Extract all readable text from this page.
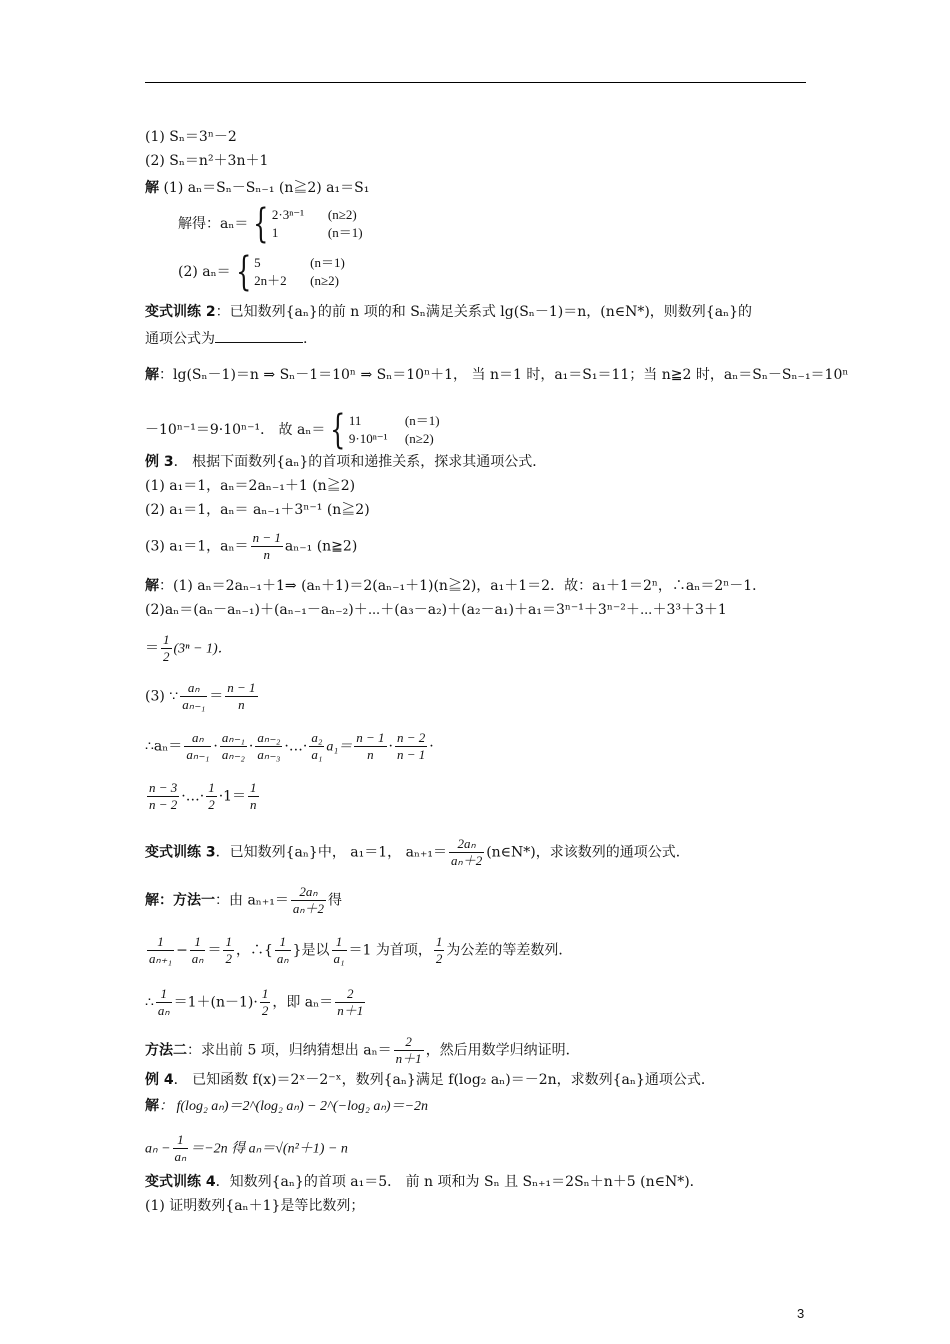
(1) Sₙ＝3ⁿ－2
(2) Sₙ＝n²＋3n＋1
解 (1) aₙ＝Sₙ－Sₙ₋₁ (n≧2) a₁＝S₁
解得：aₙ＝ { 2·3ⁿ⁻¹ (n≥2)
1	(n＝1)
(2) aₙ＝ { 5	(n＝1)
2n＋2 (n≥2)
变式训练 2：已知数列{aₙ}的前 n 项的和 Sₙ满足关系式 lg(Sₙ－1)＝n，(n∈N*)，则数列{aₙ}的
通项公式为	.
解：lg(Sₙ－1)＝n ⇒ Sₙ－1＝10ⁿ ⇒ Sₙ＝10ⁿ＋1， 当 n＝1 时，a₁＝S₁＝11；当 n≧2 时，aₙ＝Sₙ－Sₙ₋₁＝10ⁿ
－10ⁿ⁻¹＝9·10ⁿ⁻¹． 故 aₙ＝ { 11	(n＝1)
9·10ⁿ⁻¹ (n≥2)
例 3． 根据下面数列{aₙ}的首项和递推关系，探求其通项公式．
(1) a₁＝1，aₙ＝2aₙ₋₁＋1 (n≧2)
(2) a₁＝1，aₙ＝ aₙ₋₁＋3ⁿ⁻¹ (n≧2)
(3) a₁＝1，$a_n= \frac{n - 1}{n} a_{n-1}$ (n≧2)
解：(1) aₙ＝2aₙ₋₁＋1⇒ (aₙ＋1)＝2(aₙ₋₁＋1)(n≧2)，a₁＋1＝2．故：a₁＋1＝2ⁿ，∴aₙ＝2ⁿ－1．
(2)aₙ＝(aₙ－aₙ₋₁)＋(aₙ₋₁－aₙ₋₂)＋⋯＋(a₃－a₂)＋(a₂－a₁)＋a₁＝3ⁿ⁻¹＋3ⁿ⁻²＋⋯＋3³＋3＋1
＝ $\frac{1}{2} (3^n - 1)$．
(3) ∵ $\frac{\text{aₙ}}{\text{aₙ₋₁}} = \frac{n - 1}{n}$
∴aₙ＝ $\frac{\text{aₙ}}{\text{aₙ₋₁}} \cdot \frac{\text{aₙ₋₁}}{\text{aₙ₋₂}} \cdot \frac{\text{aₙ₋₂}}{\text{aₙ₋₃}}$ ·…· $\frac{\text{a₂}}{\text{a₁}} a_1= \frac{n - 1}{n} \cdot \frac{n - 2}{n - 1}$ ·
$\frac{n - 3}{n - 2}$ ·…· $\frac{1}{2} \cdot 1= \frac{1}{n}$
变式训练 3．已知数列{aₙ}中， a₁＝1， $a_{n+1}= \frac{\text{2aₙ}}{\text{aₙ＋2}}$ (n∈N*)，求该数列的通项公式．
解：方法一：由 $a_{n+1}= \frac{\text{2aₙ}}{\text{aₙ＋2}}$ 得
$\frac{1}{\text{aₙ₊₁}} - \frac{1}{\text{aₙ}} = \frac{1}{2}$ ，∴{ $\frac{1}{\text{aₙ}}$ }是以 $\frac{1}{\text{a₁}} =1$ 为首项， $\frac{1}{2}$ 为公差的等差数列．
∴ $\frac{1}{\text{aₙ}} =1+(n-1)\cdot \frac{1}{2}$ ，即 $a_n= \frac{2}{n+1}$
方法二：求出前 5 项，归纳猜想出 $a_n= \frac{2}{n+1}$ ，然后用数学归纳证明．
例 4． 已知函数 f(x)＝2ˣ－2⁻ˣ，数列{aₙ}满足 f(log₂ aₙ)＝－2n，求数列{aₙ}通项公式．
解： f(log₂ aₙ)＝2^(log₂ aₙ) − 2^(−log₂ aₙ)＝−2n
$a_n - \frac{1}{\text{aₙ}} =-2n$ 得 aₙ＝√(n²＋1) − n
变式训练 4．知数列{aₙ}的首项 a₁＝5． 前 n 项和为 Sₙ 且 Sₙ₊₁＝2Sₙ＋n＋5 (n∈N*)．
(1) 证明数列{aₙ＋1}是等比数列；
3
